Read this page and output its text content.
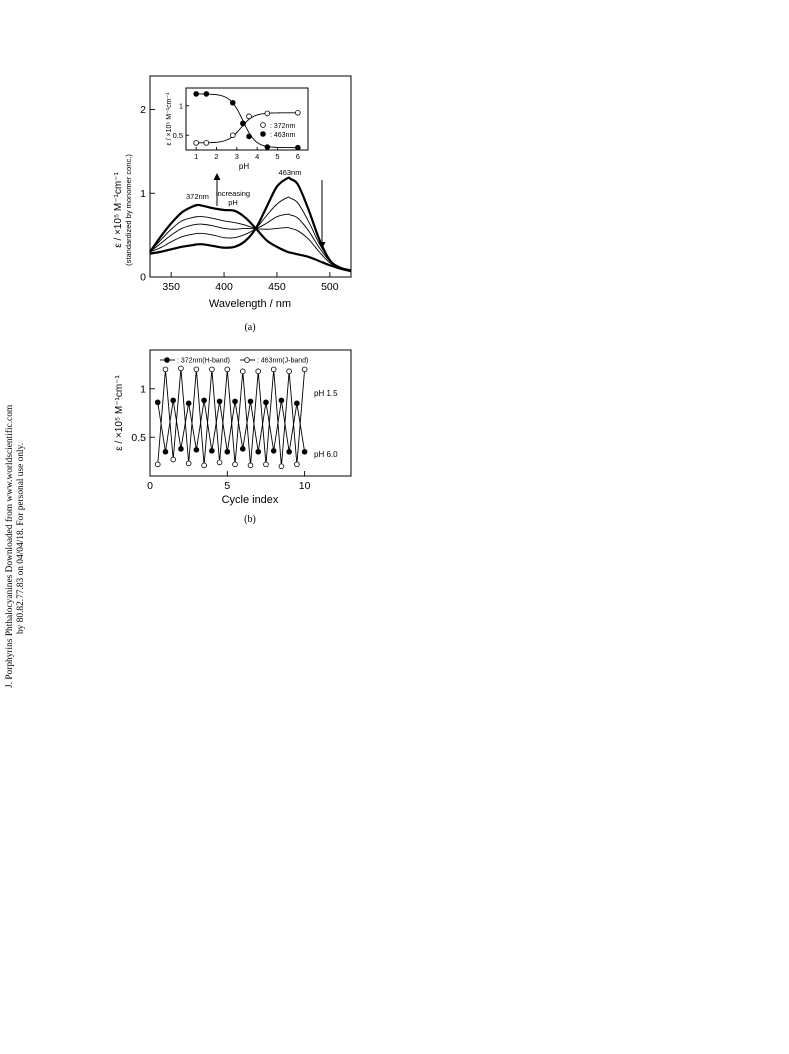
J. Porphyrins Phthalocyanines Downloaded from www.worldscientific.com by 80.82.77.83 on 04/04/18. For personal use only.
0
1
2
350	400	450	500
Wavelength / nm
ε / ×10⁵ M⁻¹cm⁻¹ (standardized by monomer conc.)	372nm increasing
pH
463nm
1 2 3 4 5 6
0.5
1
pH
ε / ×10⁵ M⁻¹cm⁻¹	: 372nm
: 463nm
(a)
0	5	10
0.5
1
: 372nm(H-band)	: 463nm(J-band)
pH 1.5
pH 6.0
Cycle index
ε / ×10⁵ M⁻¹cm⁻¹
(b)
